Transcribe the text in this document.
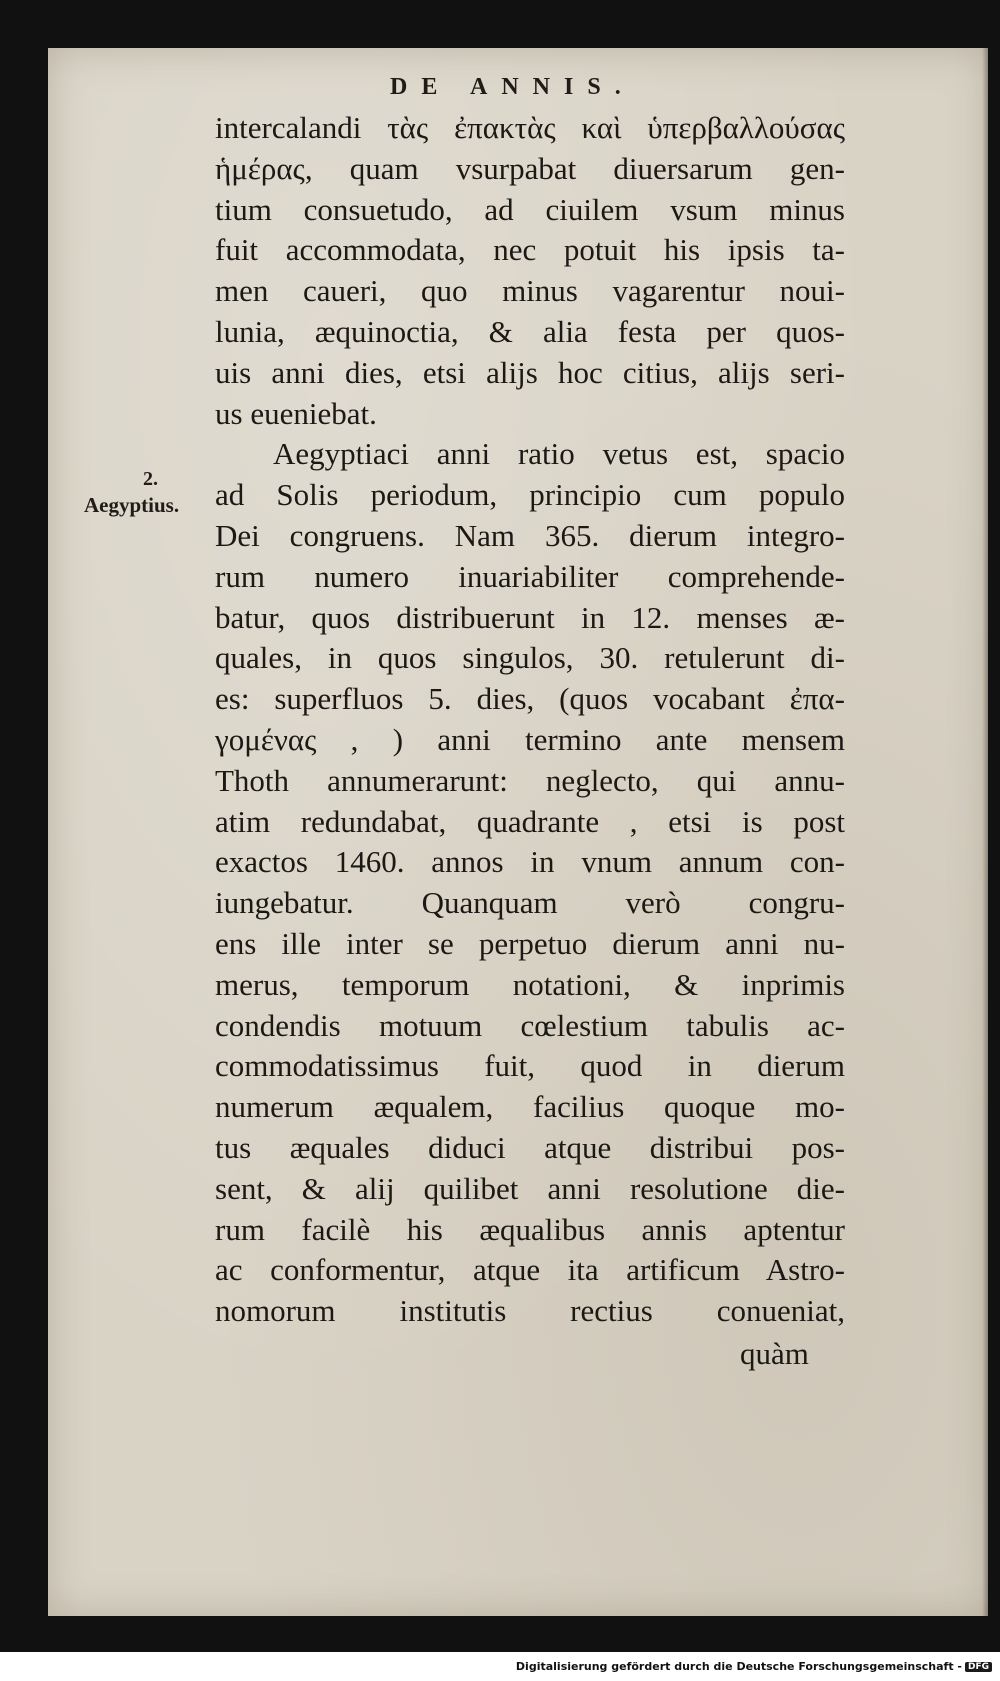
DE ANNIS.
2.
Aegyptius.
intercalandi τὰς ἐπακτὰς καὶ ὑπερβαλλούσας
ἡμέρας, quam vsurpabat diuersarum gen-
tium consuetudo, ad ciuilem vsum minus
fuit accommodata, nec potuit his ipsis ta-
men caueri, quo minus vagarentur noui-
lunia, æquinoctia, & alia festa per quos-
uis anni dies, etsi alijs hoc citius, alijs seri-
us eueniebat.
Aegyptiaci anni ratio vetus est, spacio
ad Solis periodum, principio cum populo
Dei congruens. Nam 365. dierum integro-
rum numero inuariabiliter comprehende-
batur, quos distribuerunt in 12. menses æ-
quales, in quos singulos, 30. retulerunt di-
es: superfluos 5. dies, (quos vocabant ἐπα-
γομένας , ) anni termino ante mensem
Thoth annumerarunt: neglecto, qui annu-
atim redundabat, quadrante , etsi is post
exactos 1460. annos in vnum annum con-
iungebatur. Quanquam verò congru-
ens ille inter se perpetuo dierum anni nu-
merus, temporum notationi, & inprimis
condendis motuum cœlestium tabulis ac-
commodatissimus fuit, quod in dierum
numerum æqualem, facilius quoque mo-
tus æquales diduci atque distribui pos-
sent, & alij quilibet anni resolutione die-
rum facilè his æqualibus annis aptentur
ac conformentur, atque ita artificum Astro-
nomorum institutis rectius conueniat,
quàm
Digitalisierung gefördert durch die Deutsche Forschungsgemeinschaft - DFG
